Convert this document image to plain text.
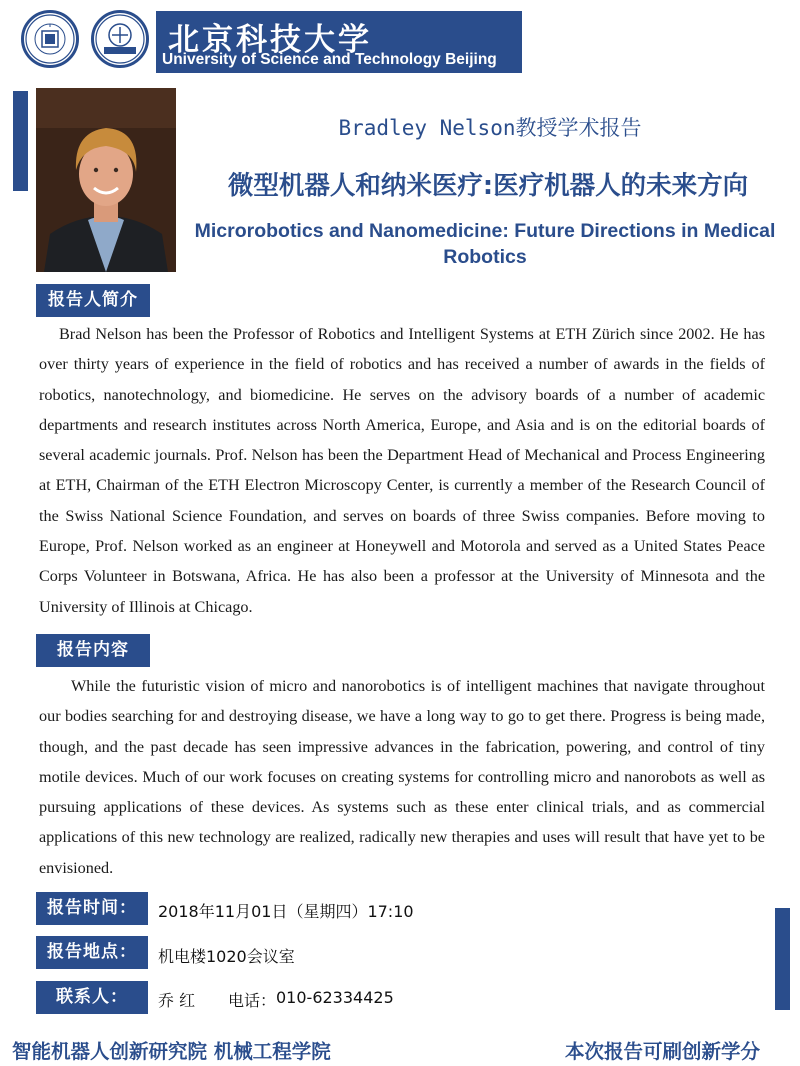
北京科技大学
University of Science and Technology Beijing
Bradley Nelson教授学术报告
微型机器人和纳米医疗:医疗机器人的未来方向
Microrobotics and Nanomedicine: Future Directions in Medical Robotics
报告人简介

Brad Nelson has been the Professor of Robotics and Intelligent Systems at ETH Zürich since 2002. He has over thirty years of experience in the field of robotics and has received a number of awards in the fields of robotics, nanotechnology, and biomedicine. He serves on the advisory boards of a number of academic departments and research institutes across North America, Europe, and Asia and is on the editorial boards of several academic journals. Prof. Nelson has been the Department Head of Mechanical and Process Engineering at ETH, Chairman of the ETH Electron Microscopy Center, is currently a member of the Research Council of the Swiss National Science Foundation, and serves on boards of three Swiss companies. Before moving to Europe, Prof. Nelson worked as an engineer at Honeywell and Motorola and served as a United States Peace Corps Volunteer in Botswana, Africa. He has also been a professor at the University of Minnesota and the University of Illinois at Chicago.

报告内容

While the futuristic vision of micro and nanorobotics is of intelligent machines that navigate throughout our bodies searching for and destroying disease, we have a long way to go to get there. Progress is being made, though, and the past decade has seen impressive advances in the fabrication, powering, and control of tiny motile devices. Much of our work focuses on creating systems for controlling micro and nanorobots as well as pursuing applications of these devices. As systems such as these enter clinical trials, and as commercial applications of this new technology are realized, radically new therapies and uses will result that have yet to be envisioned.

报告时间：	2018年11月01日（星期四）17:10
报告地点：	机电楼1020会议室
联系人：	乔 红 电话： 010-62334425
智能机器人创新研究院 机械工程学院	本次报告可刷创新学分
